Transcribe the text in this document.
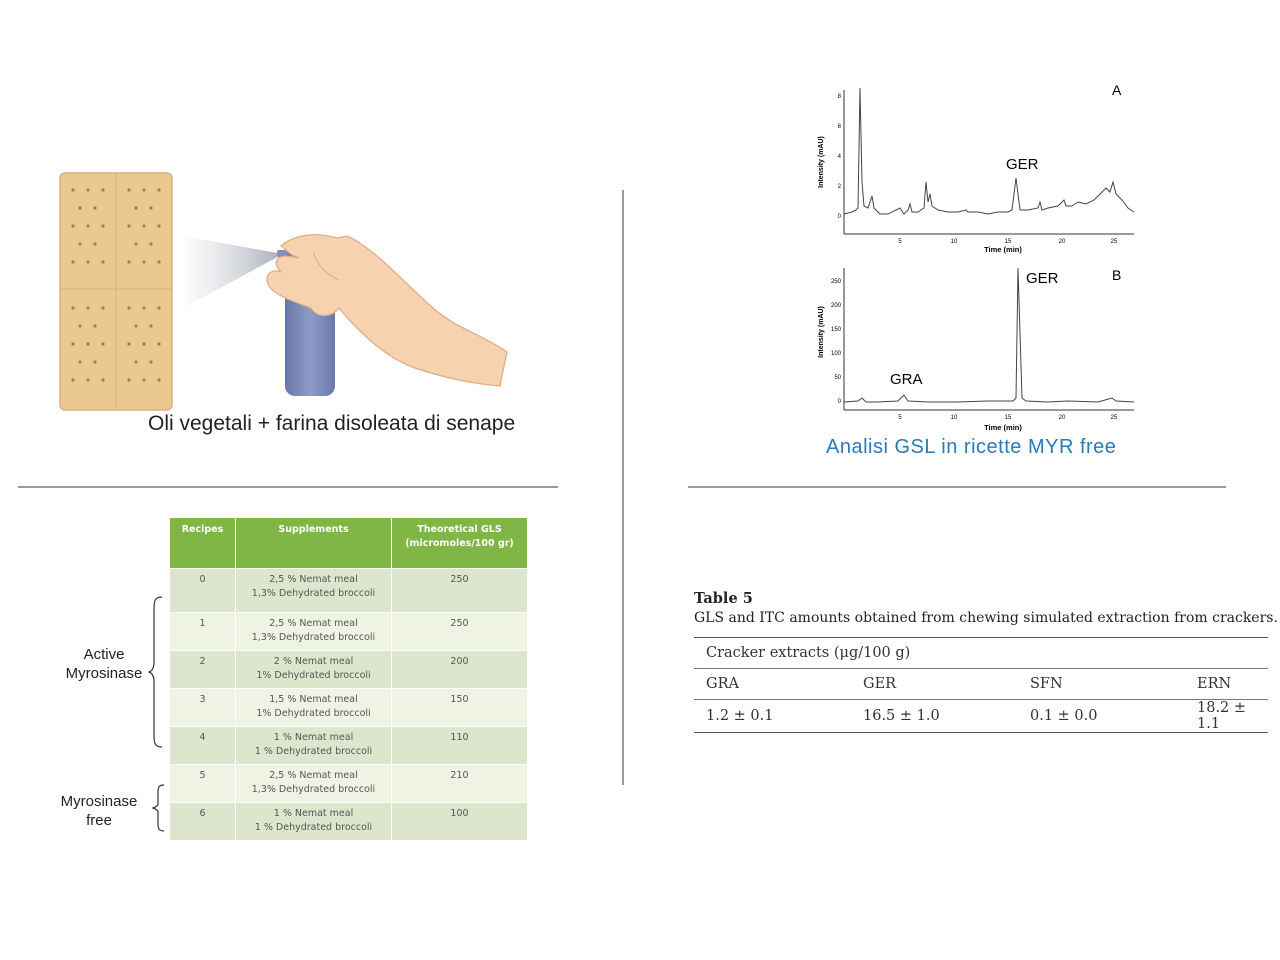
Oli vegetali + farina disoleata di senape
0
2
4
6
8
5	10	15	20	25
Time (min)
Intensity (mAU)
A
GER
0
50
100
150
200
250
5	10	15	20	25
Time (min)
Intensity (mAU)
B
GER
GRA
Analisi GSL in ricette MYR free
Recipes	Supplements	Theoretical GLS
(micromoles/100 gr)

0	2,5 % Nemat meal
1,3% Dehydrated broccoli	250
1	2,5 % Nemat meal
1,3% Dehydrated broccoli	250
2	2 % Nemat meal
1% Dehydrated broccoli	200
3	1,5 % Nemat meal
1% Dehydrated broccoli	150
4	1 % Nemat meal
1 % Dehydrated broccoli	110
5	2,5 % Nemat meal
1,3% Dehydrated broccoli	210
6	1 % Nemat meal
1 % Dehydrated broccoli	100
Active
Myrosinase
Myrosinase
free
Table 5
GLS and ITC amounts obtained from chewing simulated extraction from crackers.
Cracker extracts (μg/100 g)			
GRA	GER	SFN	ERN
1.2 ± 0.1	16.5 ± 1.0	0.1 ± 0.0	18.2 ± 1.1
